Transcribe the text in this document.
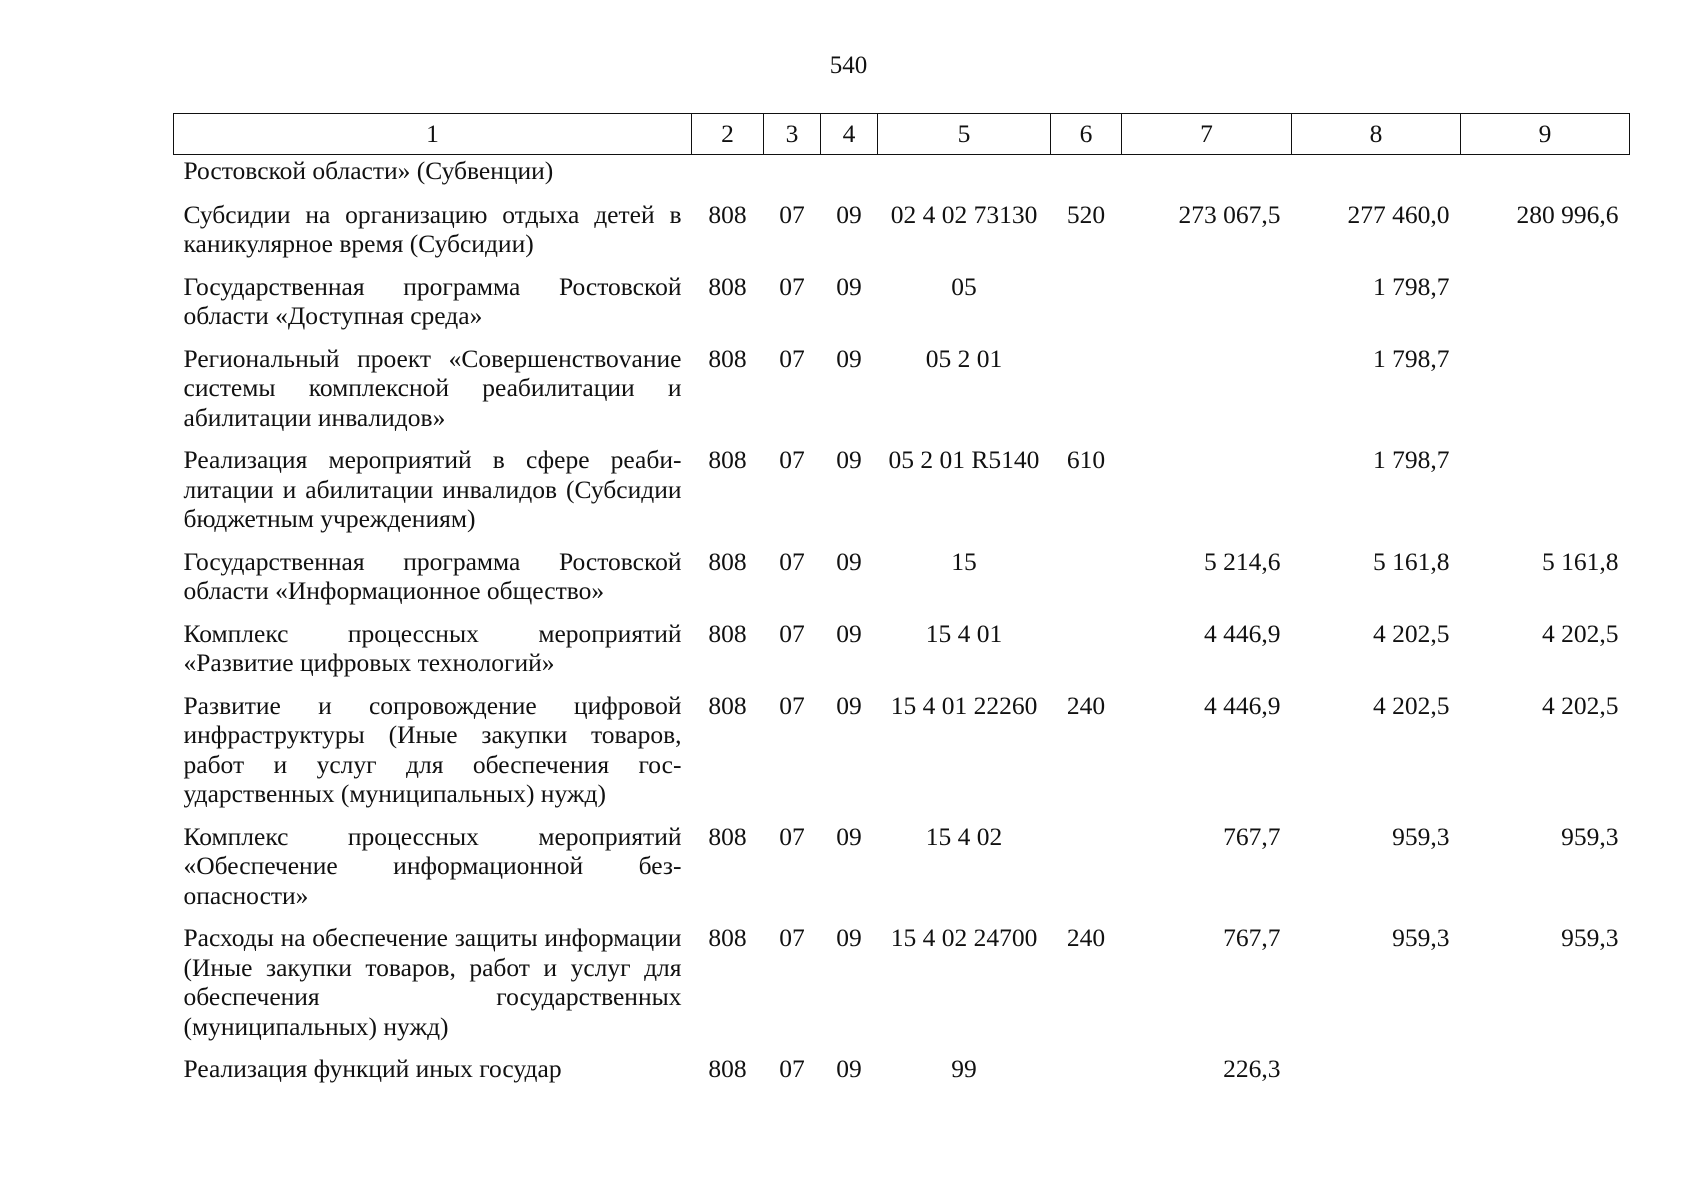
540
1	2	3	4	5	6	7	8	9
Ростовской области» (Субвенции)								
Субсидии на организацию отдыха детей в каникулярное время (Субсидии)	808	07	09	02 4 02 73130	520	273 067,5	277 460,0	280 996,6
Государственная программа Ростовской области «Доступная среда»	808	07	09	05			1 798,7	
Региональный проект «Совершенствоvание системы комплексной реабилитации и абилитации инвалидов»	808	07	09	05 2 01			1 798,7	
Реализация мероприятий в сфере реабилитации и абилитации инвалидов (Субсидии бюджетным учреждениям)	808	07	09	05 2 01 R5140	610		1 798,7	
Государственная программа Ростовской области «Информационное общество»	808	07	09	15		5 214,6	5 161,8	5 161,8
Комплекс процессных мероприятий «Развитие цифровых технологий»	808	07	09	15 4 01		4 446,9	4 202,5	4 202,5
Развитие и сопровождение цифровой инфраструктуры (Иные закупки товаров, работ и услуг для обеспечения государственных (муниципальных) нужд)	808	07	09	15 4 01 22260	240	4 446,9	4 202,5	4 202,5
Комплекс процессных мероприятий «Обеспечение информационной безопасности»	808	07	09	15 4 02		767,7	959,3	959,3
Расходы на обеспечение защиты информации (Иные закупки товаров, работ и услуг для обеспечения государственных (муниципальных) нужд)	808	07	09	15 4 02 24700	240	767,7	959,3	959,3
Реализация функций иных государ	808	07	09	99		226,3		
